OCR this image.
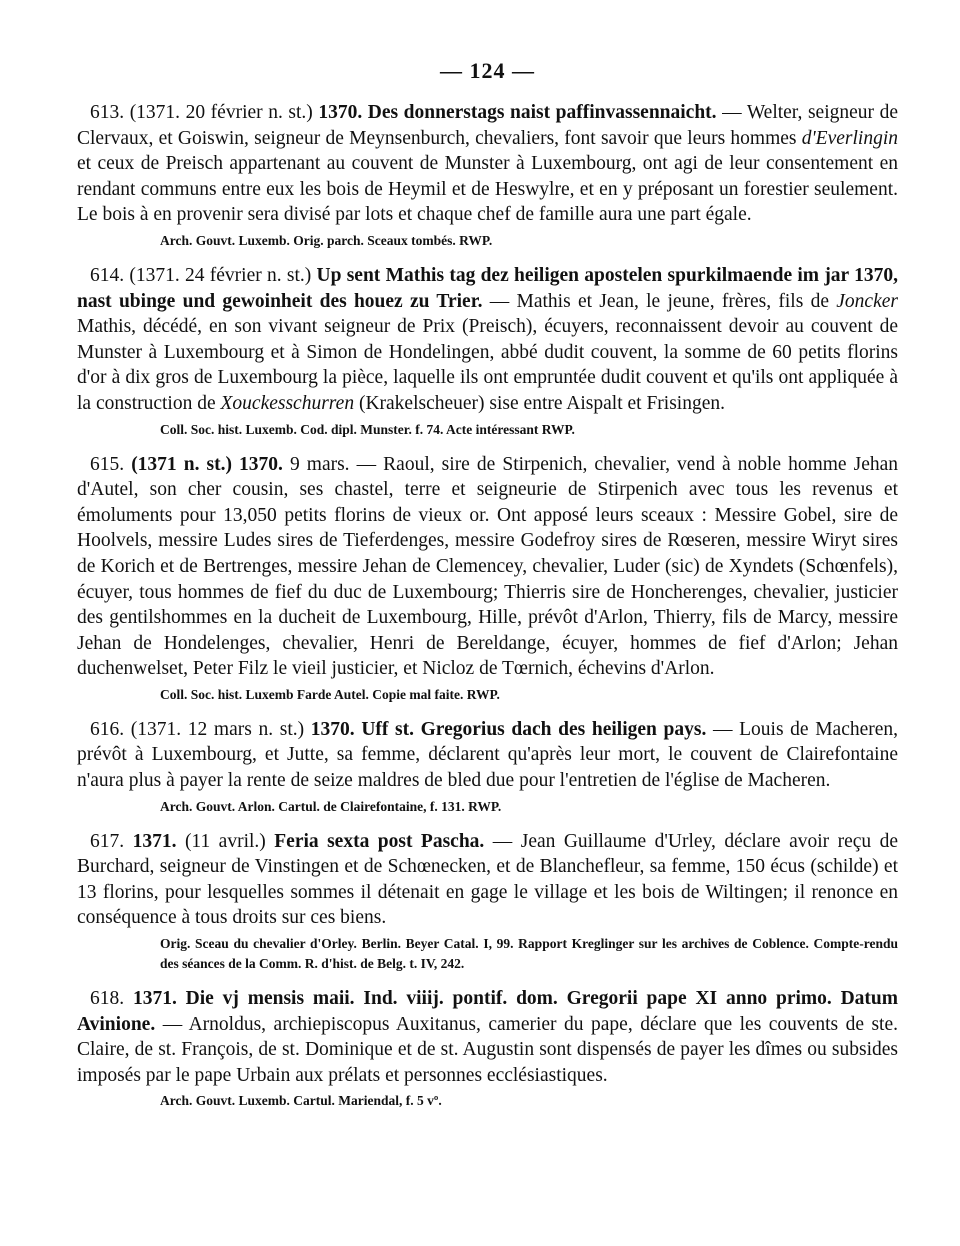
— 124 —

613. (1371. 20 février n. st.) 1370. Des donnerstags naist paffinvassennaicht. — Welter, seigneur de Clervaux, et Goiswin, seigneur de Meynsenburch, chevaliers, font savoir que leurs hommes d'Everlingin et ceux de Preisch appartenant au couvent de Munster à Luxembourg, ont agi de leur consentement en rendant communs entre eux les bois de Heymil et de Heswylre, et en y préposant un forestier seulement. Le bois à en provenir sera divisé par lots et chaque chef de famille aura une part égale.

Arch. Gouvt. Luxemb. Orig. parch. Sceaux tombés. RWP.

614. (1371. 24 février n. st.) Up sent Mathis tag dez heiligen apostelen spurkilmaende im jar 1370, nast ubinge und gewoinheit des houez zu Trier. — Mathis et Jean, le jeune, frères, fils de Joncker Mathis, décédé, en son vivant seigneur de Prix (Preisch), écuyers, reconnaissent devoir au couvent de Munster à Luxembourg et à Simon de Hondelingen, abbé dudit couvent, la somme de 60 petits florins d'or à dix gros de Luxembourg la pièce, laquelle ils ont empruntée dudit couvent et qu'ils ont appliquée à la construction de Xouckesschurren (Krakelscheuer) sise entre Aispalt et Frisingen.

Coll. Soc. hist. Luxemb. Cod. dipl. Munster. f. 74. Acte intéressant RWP.

615. (1371 n. st.) 1370. 9 mars. — Raoul, sire de Stirpenich, chevalier, vend à noble homme Jehan d'Autel, son cher cousin, ses chastel, terre et seigneurie de Stirpenich avec tous les revenus et émoluments pour 13,050 petits florins de vieux or. Ont apposé leurs sceaux : Messire Gobel, sire de Hoolvels, messire Ludes sires de Tieferdenges, messire Godefroy sires de Rœseren, messire Wiryt sires de Korich et de Bertrenges, messire Jehan de Clemencey, chevalier, Luder (sic) de Xyndets (Schœnfels), écuyer, tous hommes de fief du duc de Luxembourg; Thierris sire de Honcherenges, chevalier, justicier des gentilshommes en la ducheit de Luxembourg, Hille, prévôt d'Arlon, Thierry, fils de Marcy, messire Jehan de Hondelenges, chevalier, Henri de Bereldange, écuyer, hommes de fief d'Arlon; Jehan duchenwelset, Peter Filz le vieil justicier, et Nicloz de Tœrnich, échevins d'Arlon.

Coll. Soc. hist. Luxemb Farde Autel. Copie mal faite. RWP.

616. (1371. 12 mars n. st.) 1370. Uff st. Gregorius dach des heiligen pays. — Louis de Macheren, prévôt à Luxembourg, et Jutte, sa femme, déclarent qu'après leur mort, le couvent de Clairefontaine n'aura plus à payer la rente de seize maldres de bled due pour l'entretien de l'église de Macheren.

Arch. Gouvt. Arlon. Cartul. de Clairefontaine, f. 131. RWP.

617. 1371. (11 avril.) Feria sexta post Pascha. — Jean Guillaume d'Urley, déclare avoir reçu de Burchard, seigneur de Vinstingen et de Schœnecken, et de Blanchefleur, sa femme, 150 écus (schilde) et 13 florins, pour lesquelles sommes il détenait en gage le village et les bois de Wiltingen; il renonce en conséquence à tous droits sur ces biens.

Orig. Sceau du chevalier d'Orley. Berlin. Beyer Catal. I, 99. Rapport Kreglinger sur les archives de Coblence. Compte-rendu des séances de la Comm. R. d'hist. de Belg. t. IV, 242.

618. 1371. Die vj mensis maii. Ind. viiij. pontif. dom. Gregorii pape XI anno primo. Datum Avinione. — Arnoldus, archiepiscopus Auxitanus, camerier du pape, déclare que les couvents de ste. Claire, de st. François, de st. Dominique et de st. Augustin sont dispensés de payer les dîmes ou subsides imposés par le pape Urbain aux prélats et personnes ecclésiastiques.

Arch. Gouvt. Luxemb. Cartul. Mariendal, f. 5 vº.
